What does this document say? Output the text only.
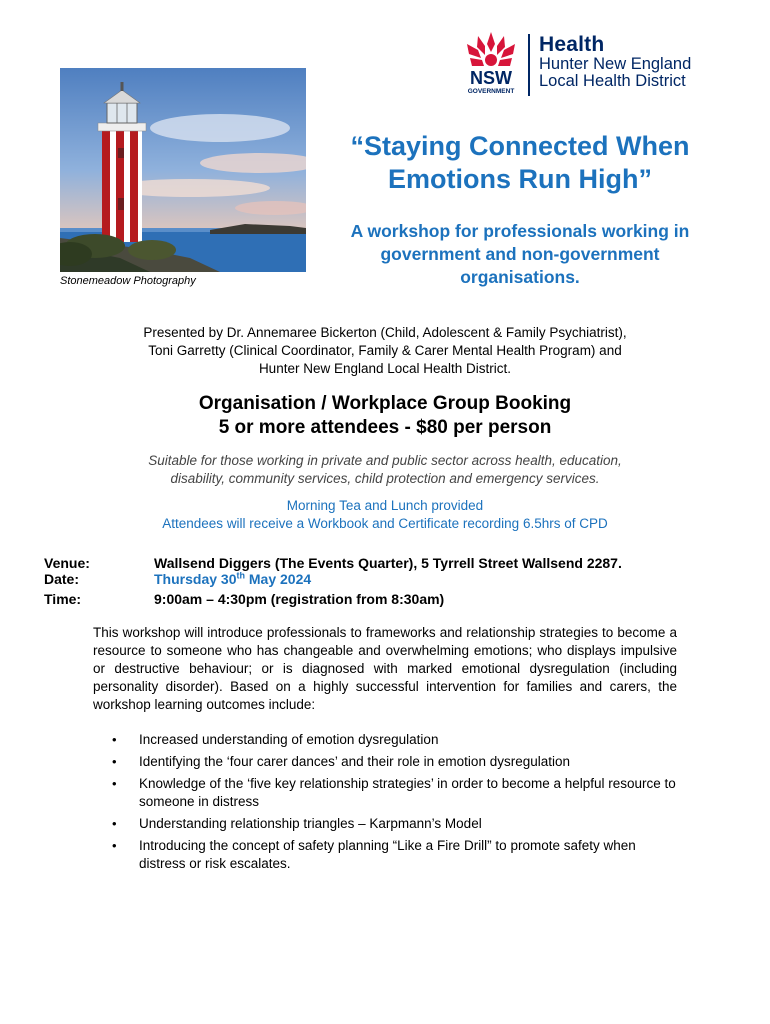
Stonemeadow Photography
NSW
GOVERNMENT
Health
Hunter New England
Local Health District
“Staying Connected When
Emotions Run High”
A workshop for professionals working in
government and non-government
organisations.
Presented by Dr. Annemaree Bickerton (Child, Adolescent & Family Psychiatrist),
Toni Garretty (Clinical Coordinator, Family & Carer Mental Health Program) and
Hunter New England Local Health District.
Organisation / Workplace Group Booking
5 or more attendees - $80 per person
Suitable for those working in private and public sector across health, education,
disability, community services, child protection and emergency services.
Morning Tea and Lunch provided
Attendees will receive a Workbook and Certificate recording 6.5hrs of CPD
Venue:	Wallsend Diggers (The Events Quarter), 5 Tyrrell Street Wallsend 2287.
Date:	Thursday 30th May 2024
Time:	9:00am – 4:30pm (registration from 8:30am)
This workshop will introduce professionals to frameworks and relationship strategies to become a resource to someone who has changeable and overwhelming emotions; who displays impulsive or destructive behaviour; or is diagnosed with marked emotional dysregulation (including personality disorder). Based on a highly successful intervention for families and carers, the workshop learning outcomes include:
• Increased understanding of emotion dysregulation
• Identifying the ‘four carer dances’ and their role in emotion dysregulation
• Knowledge of the ‘five key relationship strategies’ in order to become a helpful resource to someone in distress
• Understanding relationship triangles – Karpmann’s Model
• Introducing the concept of safety planning “Like a Fire Drill” to promote safety when distress or risk escalates.
